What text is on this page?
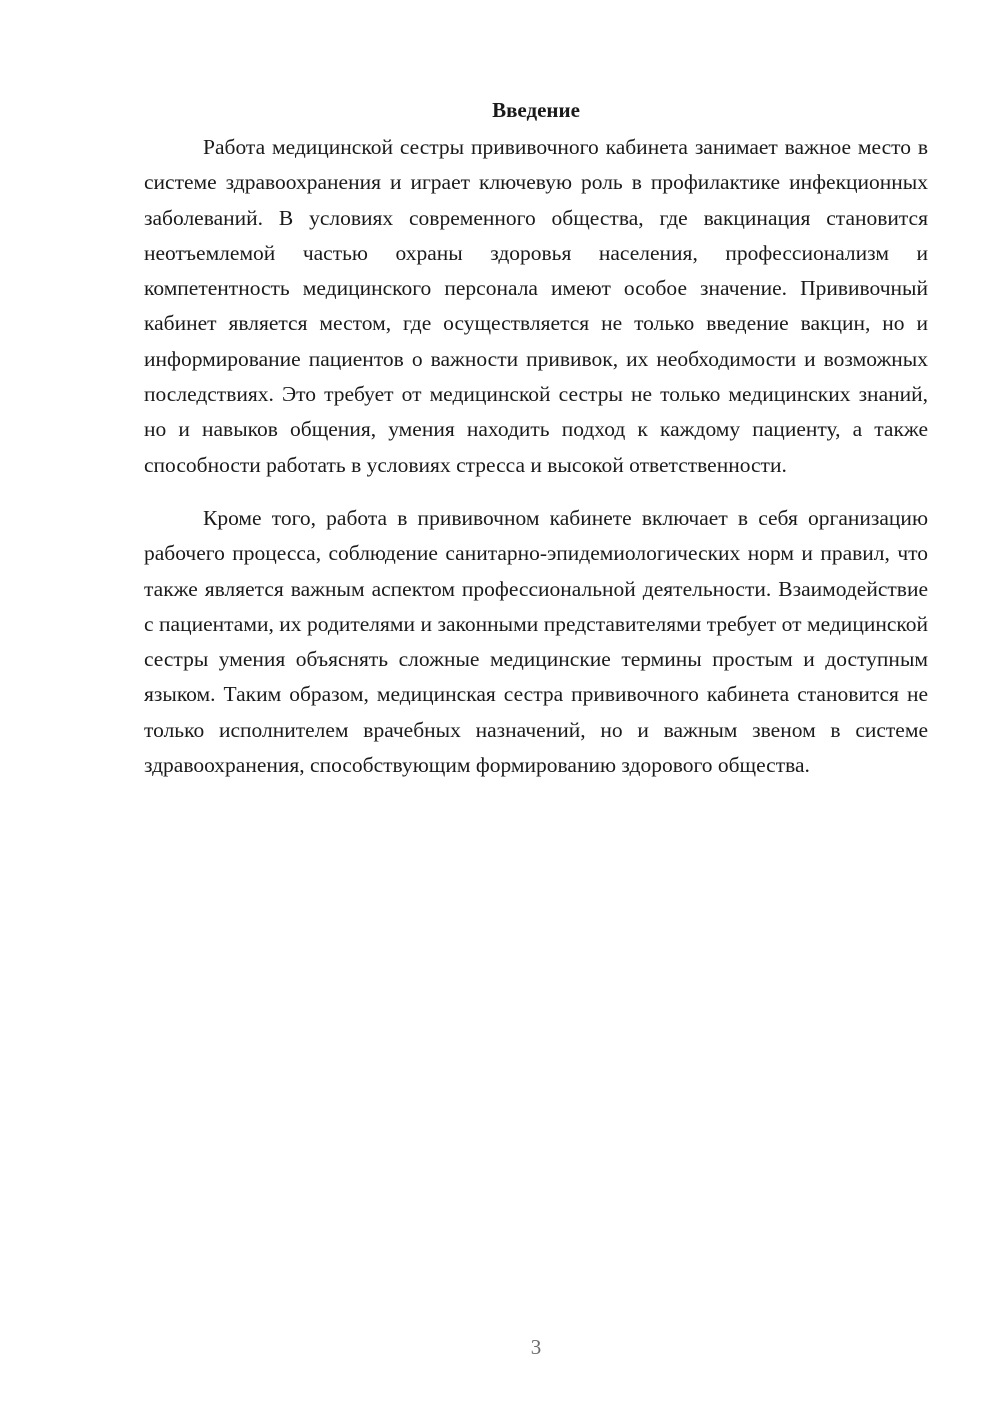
Введение

Работа медицинской сестры прививочного кабинета занимает важное место в системе здравоохранения и играет ключевую роль в профилактике инфекционных заболеваний. В условиях современного общества, где вакцинация становится неотъемлемой частью охраны здоровья населения, профессионализм и компетентность медицинского персонала имеют особое значение. Прививочный кабинет является местом, где осуществляется не только введение вакцин, но и информирование пациентов о важности прививок, их необходимости и возможных последствиях. Это требует от медицинской сестры не только медицинских знаний, но и навыков общения, умения находить подход к каждому пациенту, а также способности работать в условиях стресса и высокой ответственности.

Кроме того, работа в прививочном кабинете включает в себя организацию рабочего процесса, соблюдение санитарно-эпидемиологических норм и правил, что также является важным аспектом профессиональной деятельности. Взаимодействие с пациентами, их родителями и законными представителями требует от медицинской сестры умения объяснять сложные медицинские термины простым и доступным языком. Таким образом, медицинская сестра прививочного кабинета становится не только исполнителем врачебных назначений, но и важным звеном в системе здравоохранения, способствующим формированию здорового общества.

3
